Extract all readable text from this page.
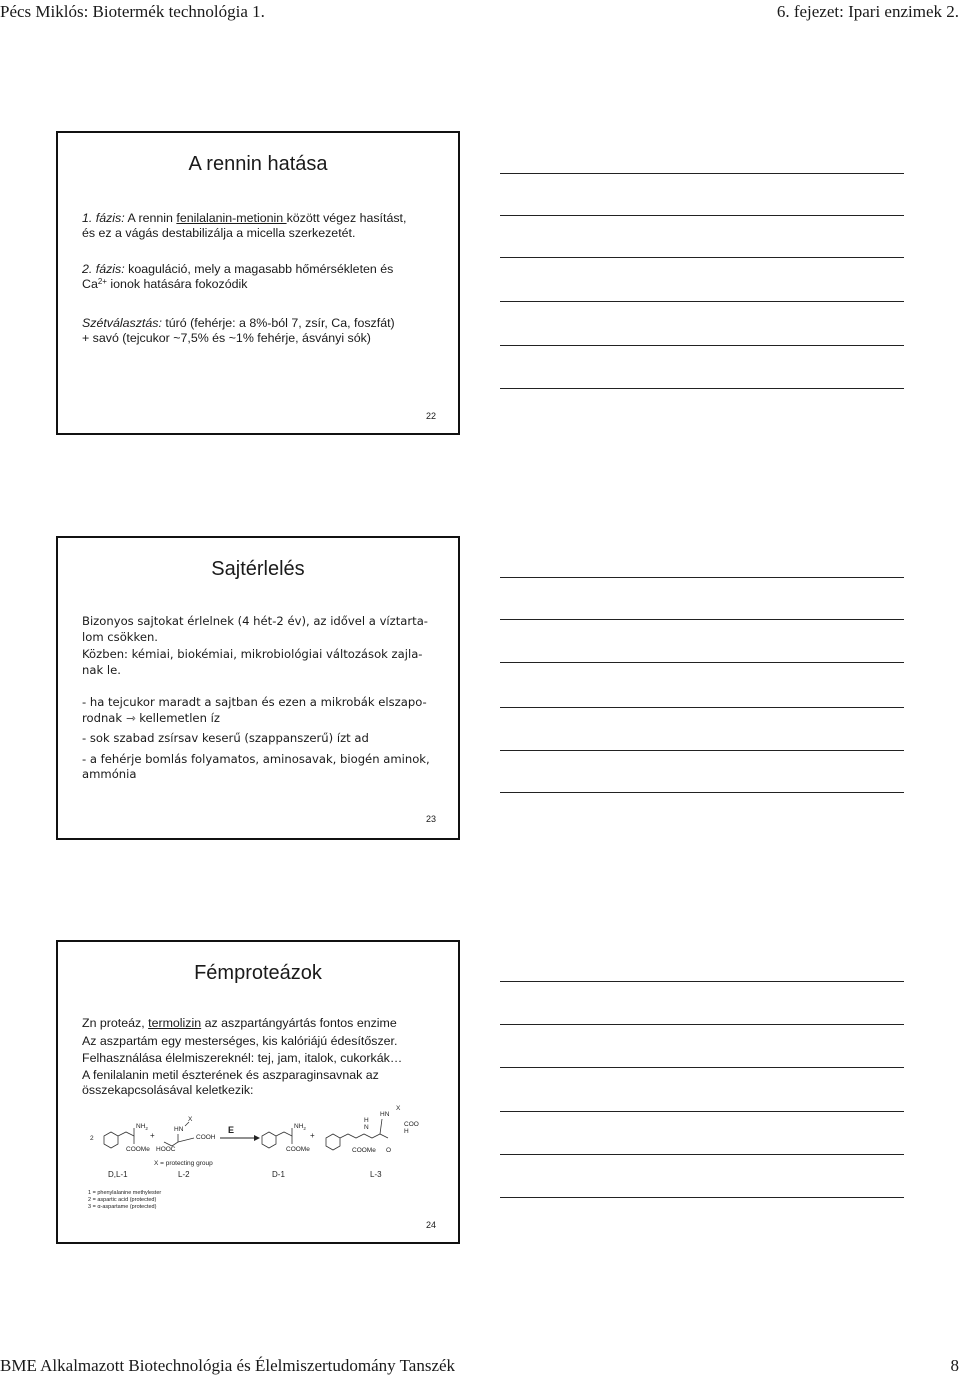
Pécs Miklós: Biotermék technológia 1.	6. fejezet: Ipari enzimek 2.
A rennin hatása

1. fázis: A rennin fenilalanin-metionin között végez hasítást,
és ez a vágás destabilizálja a micella szerkezetét.

2. fázis: koaguláció, mely a magasabb hőmérsékleten és
$Ca^{2+}$ ionok hatására fokozódik

Szétválasztás: túró (fehérje: a 8%-ból 7, zsír, Ca, foszfát)
+ savó (tejcukor ~7,5% és ~1% fehérje, ásványi sók)

22
Sajtérlelés

Bizonyos sajtokat érlelnek (4 hét-2 év), az idővel a víztarta-
lom csökken.

Közben: kémiai, biokémiai, mikrobiológiai változások zajla-
nak le.

- ha tejcukor maradt a sajtban és ezen a mikrobák elszapo-
rodnak ⇾ kellemetlen íz

- sok szabad zsírsav keserű (szappanszerű) ízt ad

- a fehérje bomlás folyamatos, aminosavak, biogén aminok,
ammónia

23
Fémproteázok

Zn proteáz, termolizin az aszpartángyártás fontos enzime

Az aszpartám egy mesterséges, kis kalóriájú édesítőszer.

Felhasználása élelmiszereknél: tej, jam, italok, cukorkák…

A fenilalanin metil észterének és aszparaginsavnak az
összekapcsolásával keletkezik:

2
$NH_2$
COOMe
+
HN
X
HOOC
COOH
E
X = protecting group
$NH_2$
COOMe
+
HN
X
H
N	COO
H
COOMe O
D,L-1	L-2	D-1	L-3
1 = phenylalanine methylester
2 = aspartic acid (protected)
3 = α-aspartame (protected)
24
BME Alkalmazott Biotechnológia és Élelmiszertudomány Tanszék	8
